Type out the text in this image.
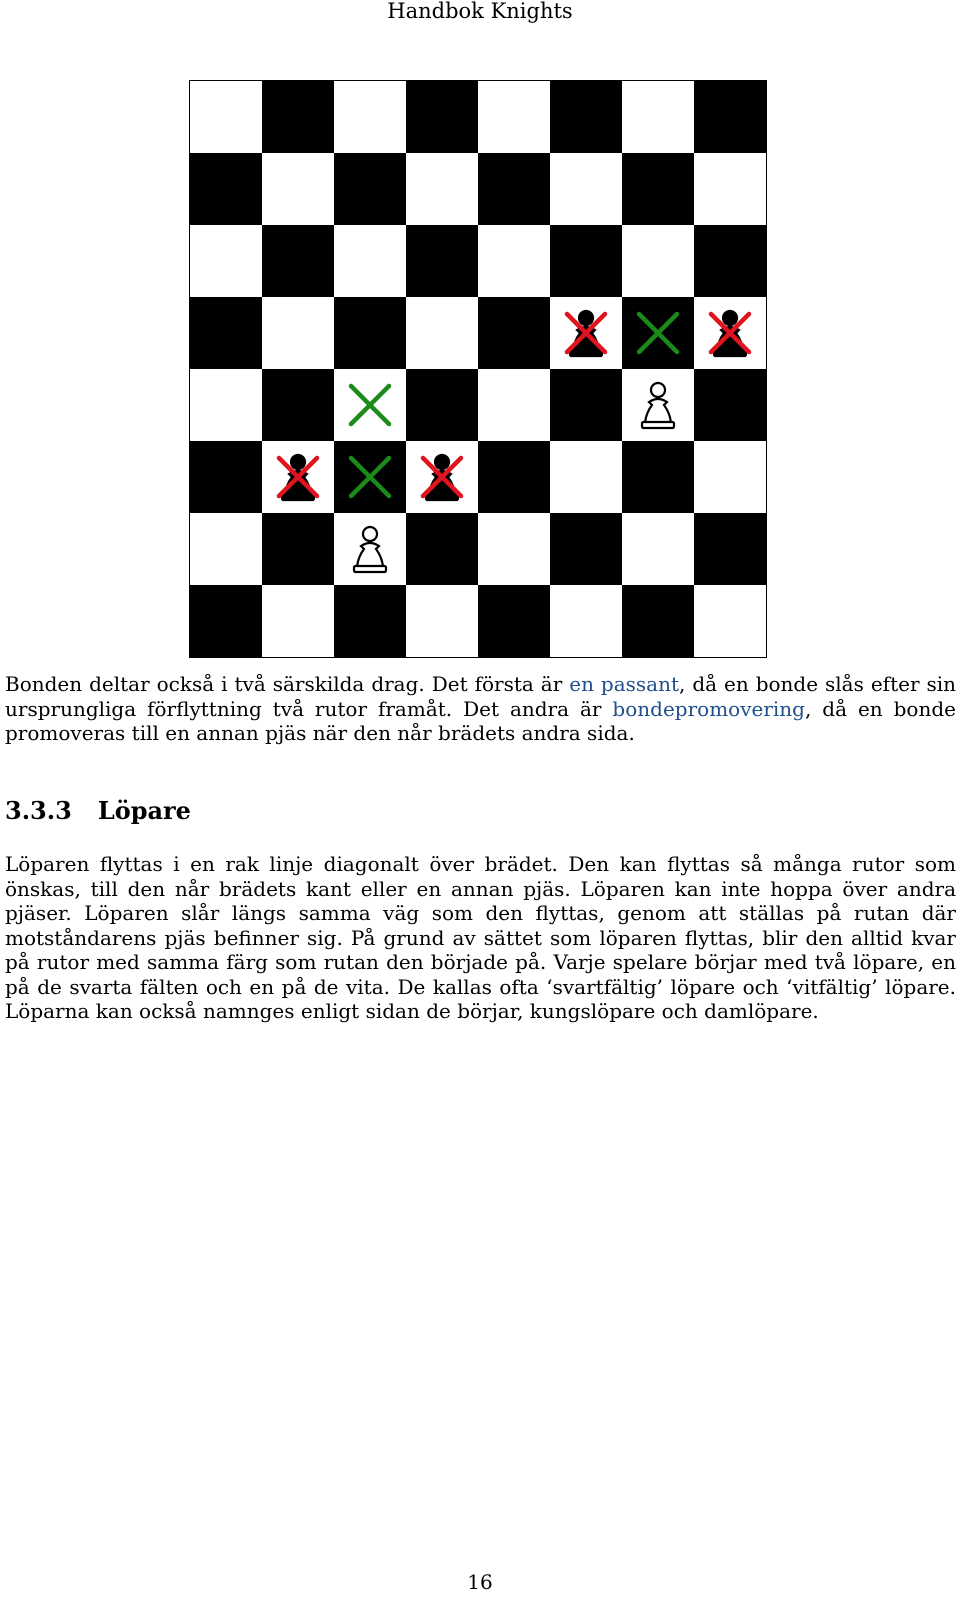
Handbok Knights

Bonden deltar också i två särskilda drag. Det första är en passant, då en bonde slås efter sin ursprungliga förflyttning två rutor framåt. Det andra är bondepromovering, då en bonde promoveras till en annan pjäs när den når brädets andra sida.

3.3.3 Löpare

Löparen flyttas i en rak linje diagonalt över brädet. Den kan flyttas så många rutor som önskas, till den når brädets kant eller en annan pjäs. Löparen kan inte hoppa över andra pjäser. Löparen slår längs samma väg som den flyttas, genom att ställas på rutan där motståndarens pjäs befinner sig. På grund av sättet som löparen flyttas, blir den alltid kvar på rutor med samma färg som rutan den började på. Varje spelare börjar med två löpare, en på de svarta fälten och en på de vita. De kallas ofta ‘svartfältig’ löpare och ‘vitfältig’ löpare. Löparna kan också namnges enligt sidan de börjar, kungslöpare och damlöpare.

16
